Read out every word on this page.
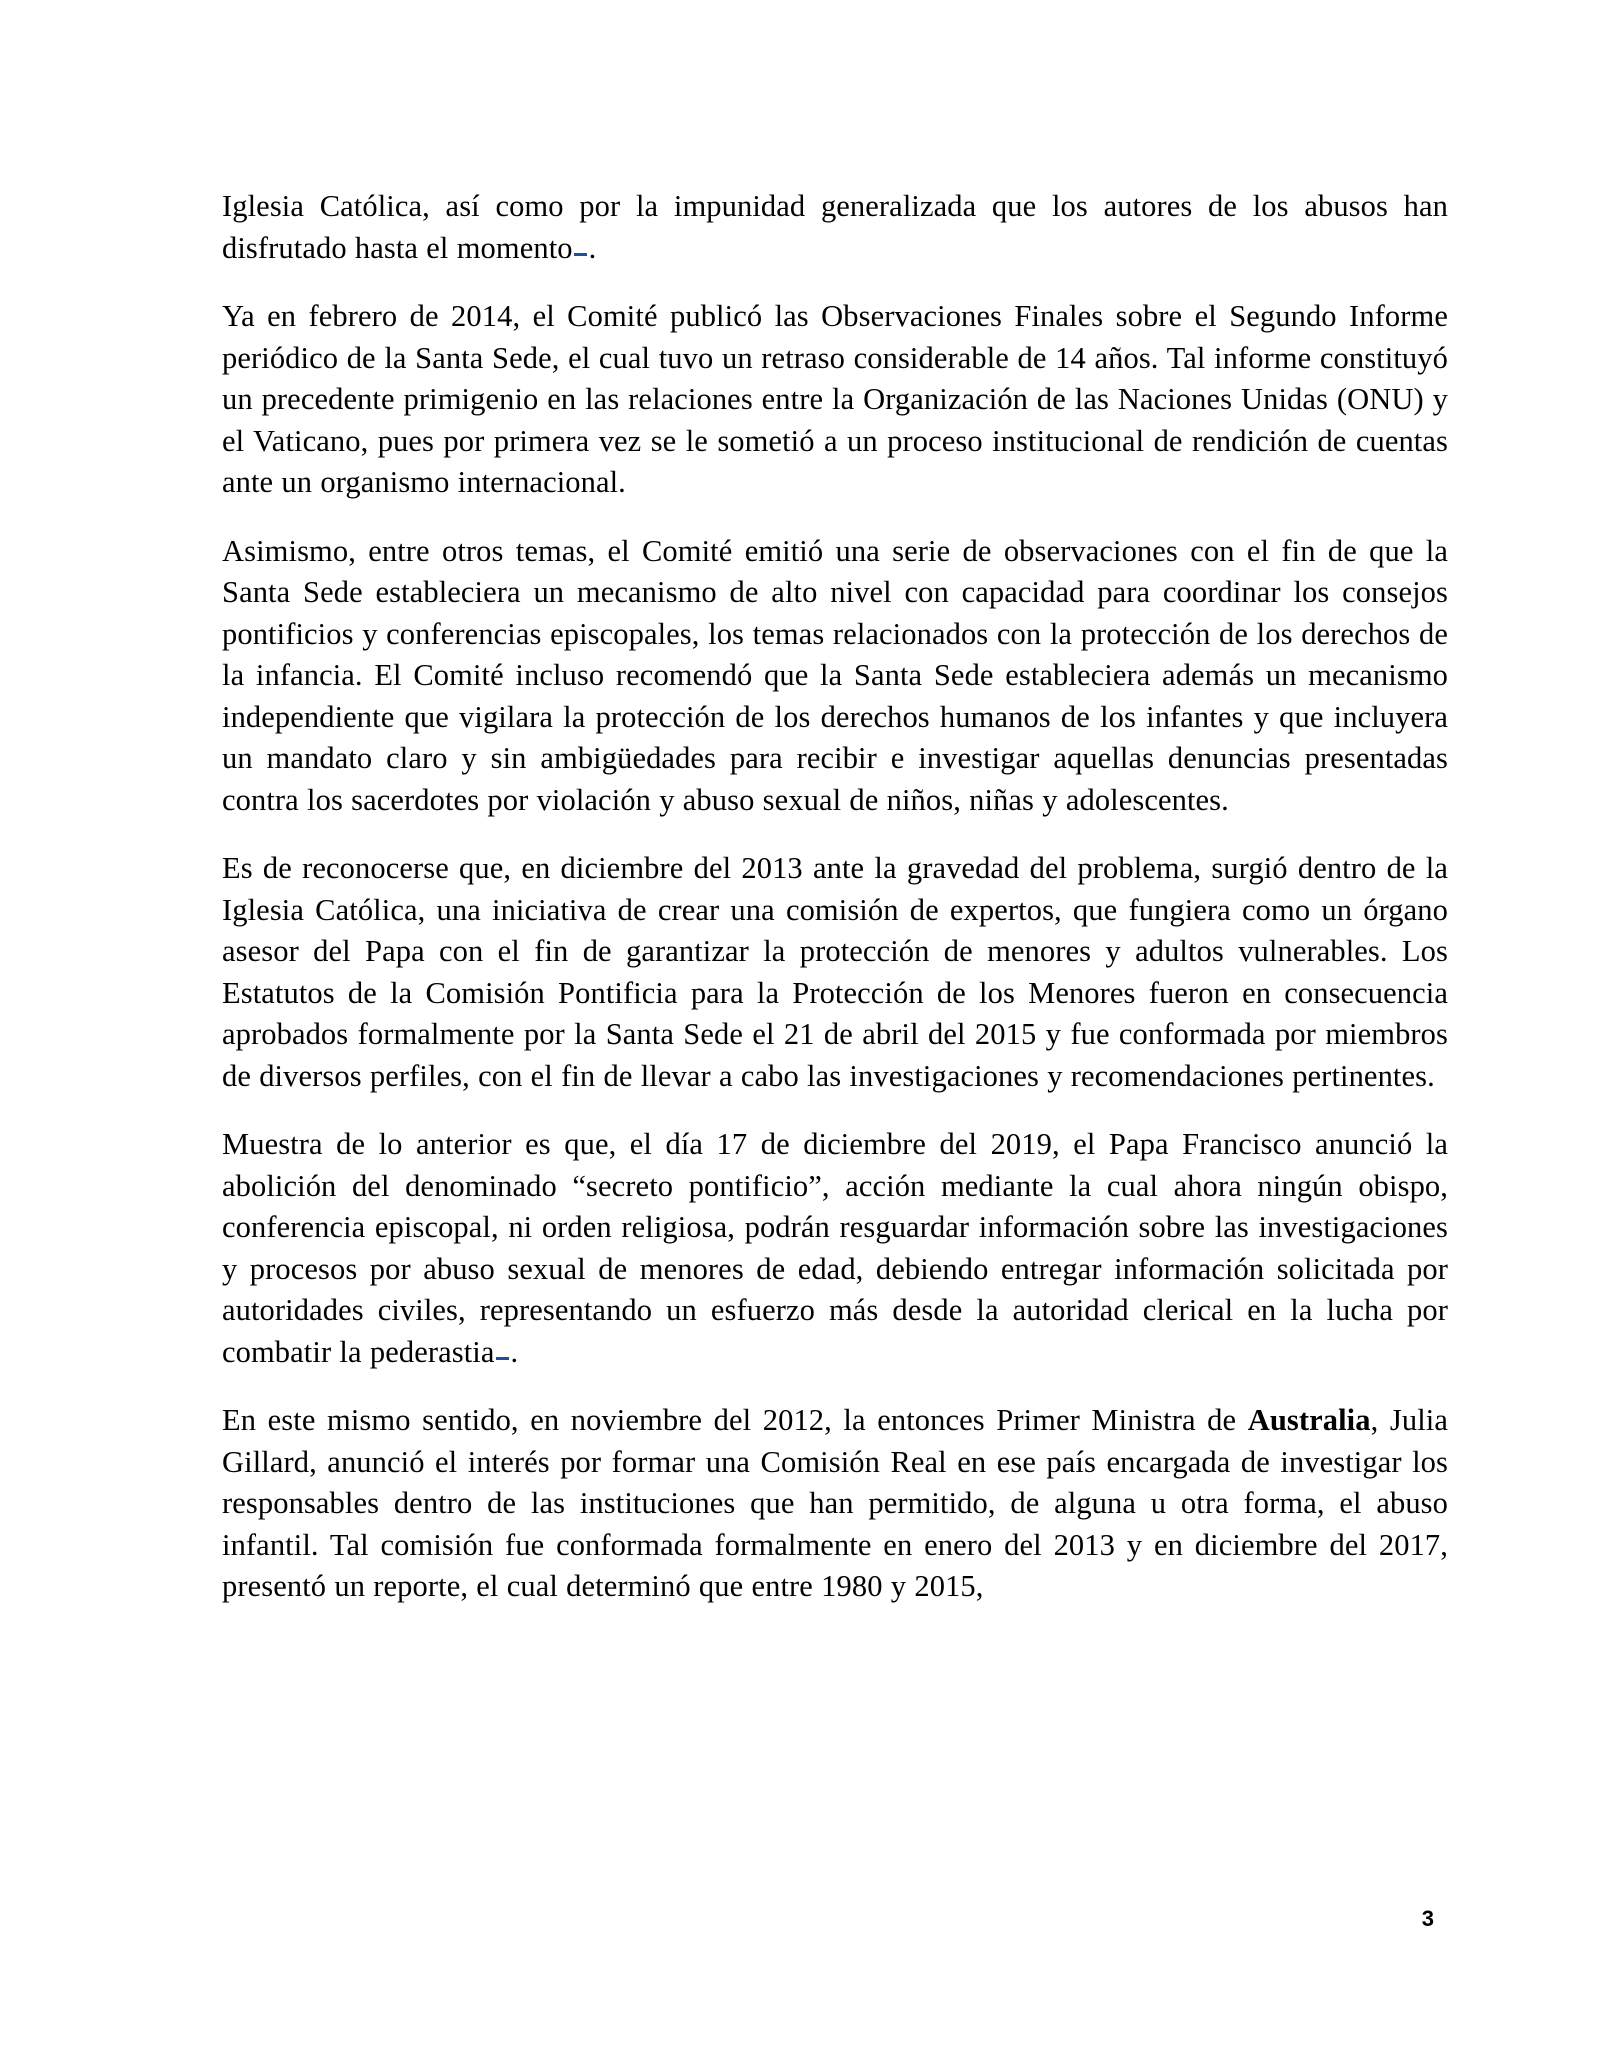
Iglesia Católica, así como por la impunidad generalizada que los autores de los abusos han disfrutado hasta el momento .

Ya en febrero de 2014, el Comité publicó las Observaciones Finales sobre el Segundo Informe periódico de la Santa Sede, el cual tuvo un retraso considerable de 14 años. Tal informe constituyó un precedente primigenio en las relaciones entre la Organización de las Naciones Unidas (ONU) y el Vaticano, pues por primera vez se le sometió a un proceso institucional de rendición de cuentas ante un organismo internacional.

Asimismo, entre otros temas, el Comité emitió una serie de observaciones con el fin de que la Santa Sede estableciera un mecanismo de alto nivel con capacidad para coordinar los consejos pontificios y conferencias episcopales, los temas relacionados con la protección de los derechos de la infancia. El Comité incluso recomendó que la Santa Sede estableciera además un mecanismo independiente que vigilara la protección de los derechos humanos de los infantes y que incluyera un mandato claro y sin ambigüedades para recibir e investigar aquellas denuncias presentadas contra los sacerdotes por violación y abuso sexual de niños, niñas y adolescentes.

Es de reconocerse que, en diciembre del 2013 ante la gravedad del problema, surgió dentro de la Iglesia Católica, una iniciativa de crear una comisión de expertos, que fungiera como un órgano asesor del Papa con el fin de garantizar la protección de menores y adultos vulnerables. Los Estatutos de la Comisión Pontificia para la Protección de los Menores fueron en consecuencia aprobados formalmente por la Santa Sede el 21 de abril del 2015 y fue conformada por miembros de diversos perfiles, con el fin de llevar a cabo las investigaciones y recomendaciones pertinentes.

Muestra de lo anterior es que, el día 17 de diciembre del 2019, el Papa Francisco anunció la abolición del denominado “secreto pontificio”, acción mediante la cual ahora ningún obispo, conferencia episcopal, ni orden religiosa, podrán resguardar información sobre las investigaciones y procesos por abuso sexual de menores de edad, debiendo entregar información solicitada por autoridades civiles, representando un esfuerzo más desde la autoridad clerical en la lucha por combatir la pederastia .

En este mismo sentido, en noviembre del 2012, la entonces Primer Ministra de Australia, Julia Gillard, anunció el interés por formar una Comisión Real en ese país encargada de investigar los responsables dentro de las instituciones que han permitido, de alguna u otra forma, el abuso infantil. Tal comisión fue conformada formalmente en enero del 2013 y en diciembre del 2017, presentó un reporte, el cual determinó que entre 1980 y 2015,

3
